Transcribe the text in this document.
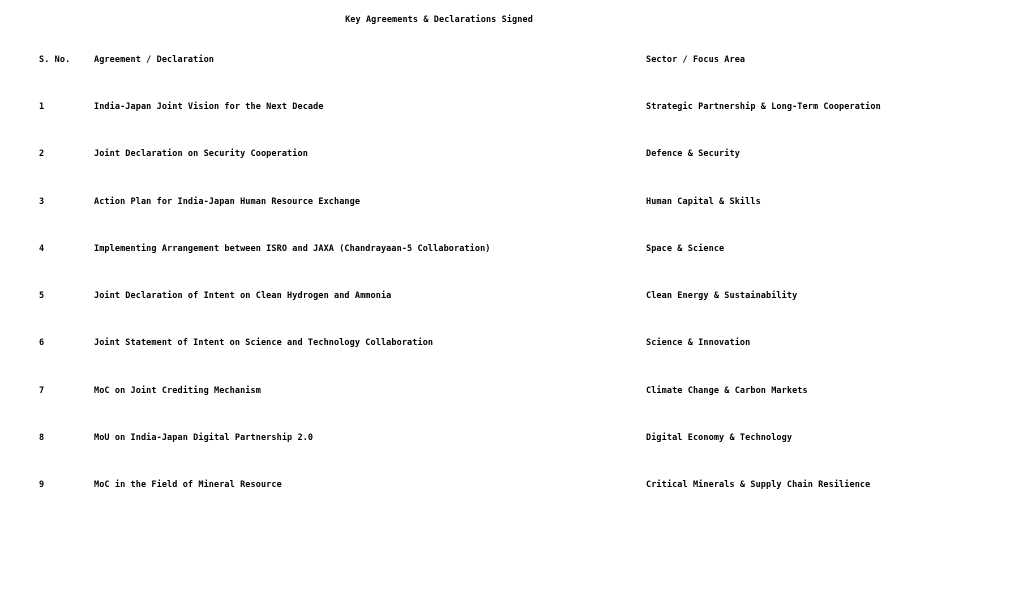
Key Agreements & Declarations Signed
S. No.	Agreement / Declaration	Sector / Focus Area
1	India-Japan Joint Vision for the Next Decade	Strategic Partnership & Long-Term Cooperation
2	Joint Declaration on Security Cooperation	Defence & Security
3	Action Plan for India-Japan Human Resource Exchange	Human Capital & Skills
4	Implementing Arrangement between ISRO and JAXA (Chandrayaan-5 Collaboration)	Space & Science
5	Joint Declaration of Intent on Clean Hydrogen and Ammonia	Clean Energy & Sustainability
6	Joint Statement of Intent on Science and Technology Collaboration	Science & Innovation
7	MoC on Joint Crediting Mechanism	Climate Change & Carbon Markets
8	MoU on India-Japan Digital Partnership 2.0	Digital Economy & Technology
9	MoC in the Field of Mineral Resource	Critical Minerals & Supply Chain Resilience
